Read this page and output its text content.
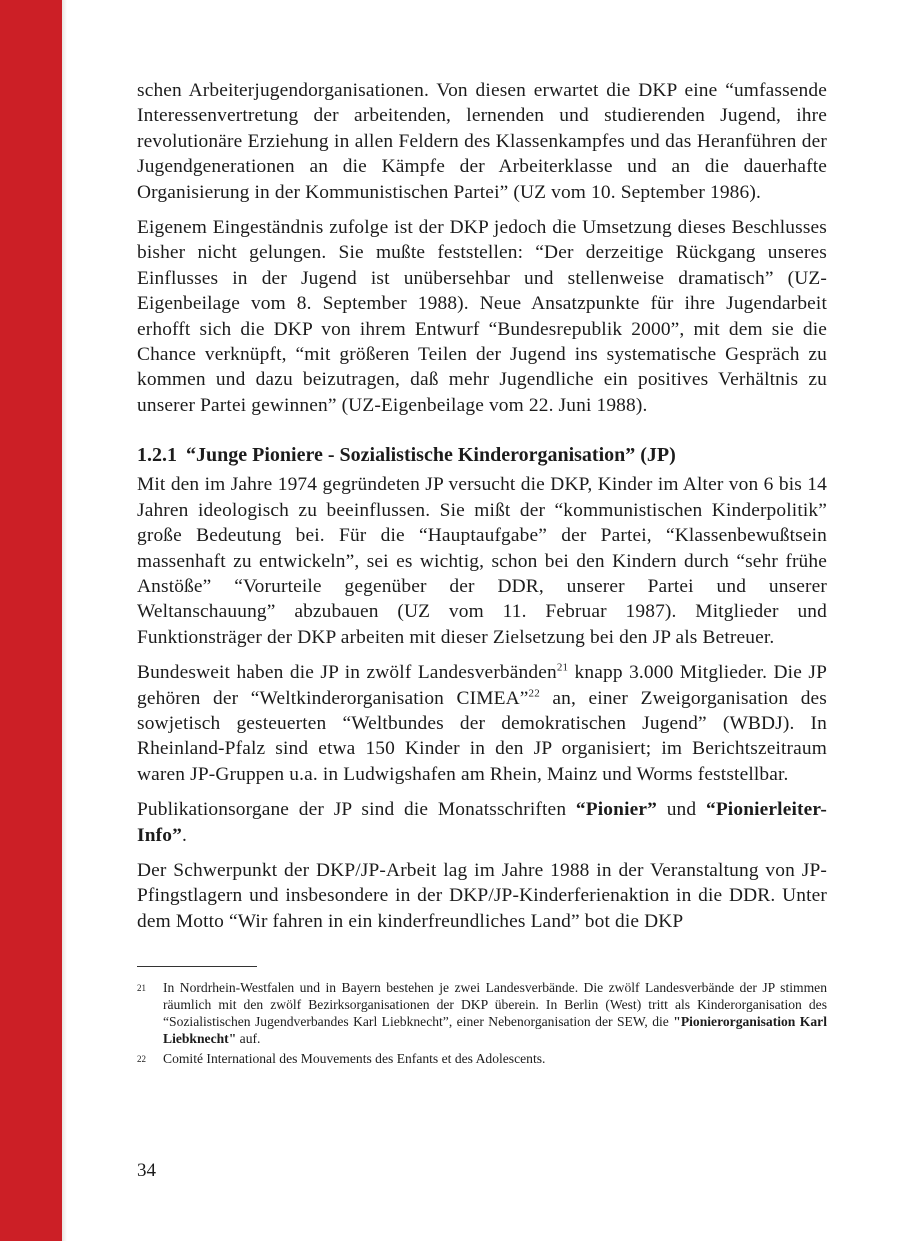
schen Arbeiterjugendorganisationen. Von diesen erwartet die DKP eine “umfassende Interessenvertretung der arbeitenden, lernenden und studierenden Jugend, ihre revolutionäre Erziehung in allen Feldern des Klassenkampfes und das Heranführen der Jugendgenerationen an die Kämpfe der Arbeiterklasse und an die dauerhafte Organisierung in der Kommunistischen Partei” (UZ vom 10. September 1986).

Eigenem Eingeständnis zufolge ist der DKP jedoch die Umsetzung dieses Beschlusses bisher nicht gelungen. Sie mußte feststellen: “Der derzeitige Rückgang unseres Einflusses in der Jugend ist unübersehbar und stellenweise dramatisch” (UZ-Eigenbeilage vom 8. September 1988). Neue Ansatzpunkte für ihre Jugendarbeit erhofft sich die DKP von ihrem Entwurf “Bundesrepublik 2000”, mit dem sie die Chance verknüpft, “mit größeren Teilen der Jugend ins systematische Gespräch zu kommen und dazu beizutragen, daß mehr Jugendliche ein positives Verhältnis zu unserer Partei gewinnen” (UZ-Eigenbeilage vom 22. Juni 1988).

1.2.1 “Junge Pioniere - Sozialistische Kinderorganisation” (JP)

Mit den im Jahre 1974 gegründeten JP versucht die DKP, Kinder im Alter von 6 bis 14 Jahren ideologisch zu beeinflussen. Sie mißt der “kommunistischen Kinderpolitik” große Bedeutung bei. Für die “Hauptaufgabe” der Partei, “Klassenbewußtsein massenhaft zu entwickeln”, sei es wichtig, schon bei den Kindern durch “sehr frühe Anstöße” “Vorurteile gegenüber der DDR, unserer Partei und unserer Weltanschauung” abzubauen (UZ vom 11. Februar 1987). Mitglieder und Funktionsträger der DKP arbeiten mit dieser Zielsetzung bei den JP als Betreuer.

Bundesweit haben die JP in zwölf Landesverbänden$^{21}$ knapp 3.000 Mitglieder. Die JP gehören der “Weltkinderorganisation CIMEA”$^{22}$ an, einer Zweigorganisation des sowjetisch gesteuerten “Weltbundes der demokratischen Jugend” (WBDJ). In Rheinland-Pfalz sind etwa 150 Kinder in den JP organisiert; im Berichtszeitraum waren JP-Gruppen u.a. in Ludwigshafen am Rhein, Mainz und Worms feststellbar.

Publikationsorgane der JP sind die Monatsschriften “Pionier” und “Pionierleiter-Info”.

Der Schwerpunkt der DKP/JP-Arbeit lag im Jahre 1988 in der Veranstaltung von JP-Pfingstlagern und insbesondere in der DKP/JP-Kinderferienaktion in die DDR. Unter dem Motto “Wir fahren in ein kinderfreundliches Land” bot die DKP

21	In Nordrhein-Westfalen und in Bayern bestehen je zwei Landesverbände. Die zwölf Landesverbände der JP stimmen räumlich mit den zwölf Bezirksorganisationen der DKP überein. In Berlin (West) tritt als Kinderorganisation des “Sozialistischen Jugendverbandes Karl Liebknecht”, einer Nebenorganisation der SEW, die "Pionierorganisation Karl Liebknecht" auf.
22	Comité International des Mouvements des Enfants et des Adolescents.
34
